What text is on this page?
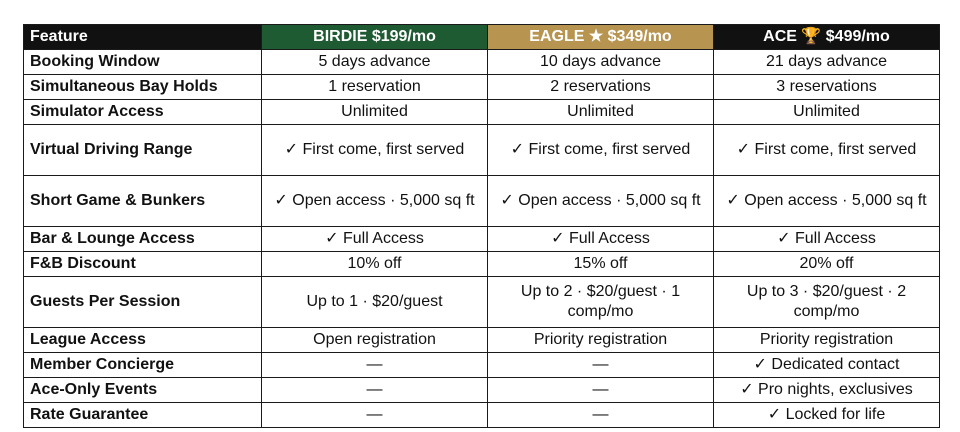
Feature	BIRDIE $199/mo	EAGLE ★ $349/mo	ACE 🏆 $499/mo
Booking Window	5 days advance	10 days advance	21 days advance
Simultaneous Bay Holds	1 reservation	2 reservations	3 reservations
Simulator Access	Unlimited	Unlimited	Unlimited
Virtual Driving Range	✓ First come, first served	✓ First come, first served	✓ First come, first served
Short Game & Bunkers	✓ Open access · 5,000 sq ft	✓ Open access · 5,000 sq ft	✓ Open access · 5,000 sq ft
Bar & Lounge Access	✓ Full Access	✓ Full Access	✓ Full Access
F&B Discount	10% off	15% off	20% off
Guests Per Session	Up to 1 · $20/guest	Up to 2 · $20/guest · 1 comp/mo	Up to 3 · $20/guest · 2 comp/mo
League Access	Open registration	Priority registration	Priority registration
Member Concierge	—	—	✓ Dedicated contact
Ace-Only Events	—	—	✓ Pro nights, exclusives
Rate Guarantee	—	—	✓ Locked for life
